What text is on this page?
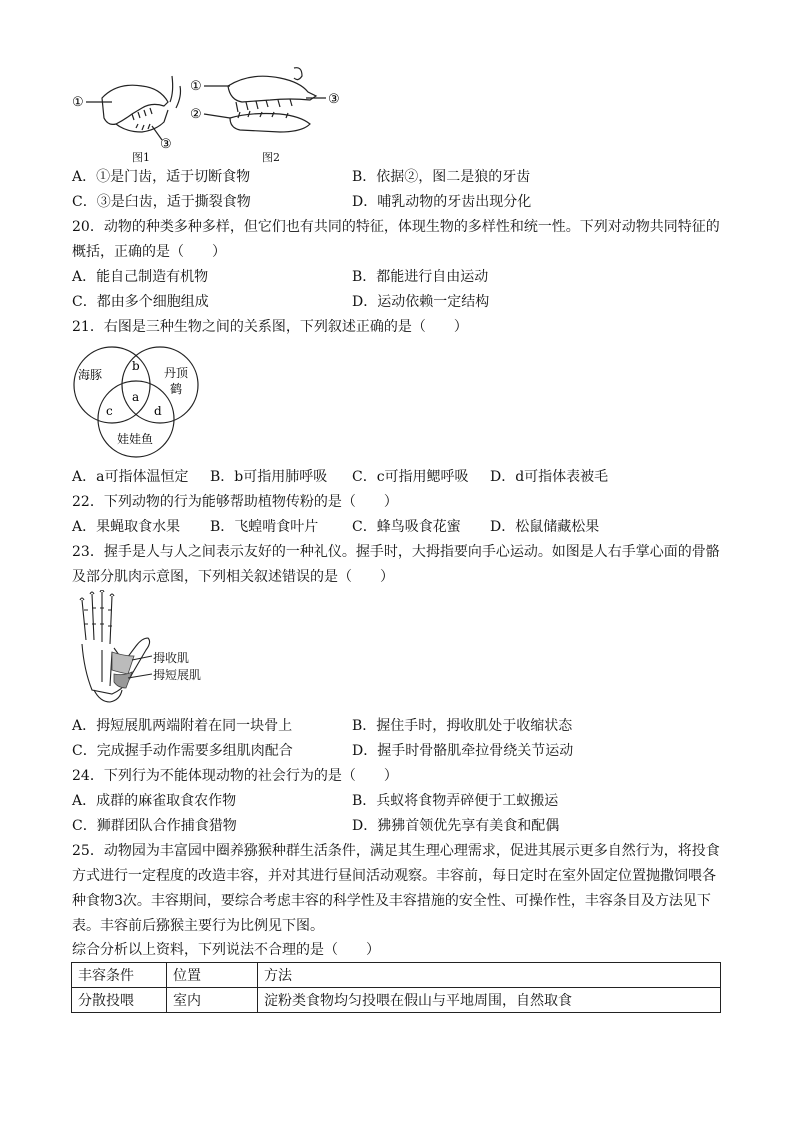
①
③
图1
①
②
③
图2
A．①是门齿，适于切断食物	B．依据②，图二是狼的牙齿
C．③是臼齿，适于撕裂食物	D．哺乳动物的牙齿出现分化
20．动物的种类多种多样，但它们也有共同的特征，体现生物的多样性和统一性。下列对动物共同特征的
概括，正确的是（　　）
A．能自己制造有机物	B．都能进行自由运动
C．都由多个细胞组成	D．运动依赖一定结构
21．右图是三种生物之间的关系图，下列叙述正确的是（　　）
海豚	丹顶
鹤
娃娃鱼
b
a
c	d
A．a可指体温恒定 B．b可指用肺呼吸 C．c可指用鳃呼吸 D．d可指体表被毛
22．下列动物的行为能够帮助植物传粉的是（　　）
A．果蝇取食水果 B．飞蝗啃食叶片 C．蜂鸟吸食花蜜 D．松鼠储藏松果
23．握手是人与人之间表示友好的一种礼仪。握手时，大拇指要向手心运动。如图是人右手掌心面的骨骼
及部分肌肉示意图，下列相关叙述错误的是（　　）
拇收肌
拇短展肌
A．拇短展肌两端附着在同一块骨上	B．握住手时，拇收肌处于收缩状态
C．完成握手动作需要多组肌肉配合	D．握手时骨骼肌牵拉骨绕关节运动
24．下列行为不能体现动物的社会行为的是（　　）
A．成群的麻雀取食农作物	B．兵蚁将食物弄碎便于工蚁搬运
C．狮群团队合作捕食猎物	D．狒狒首领优先享有美食和配偶
25．动物园为丰富园中圈养猕猴种群生活条件，满足其生理心理需求，促进其展示更多自然行为，将投食
方式进行一定程度的改造丰容，并对其进行昼间活动观察。丰容前，每日定时在室外固定位置抛撒饲喂各
种食物3次。丰容期间，要综合考虑丰容的科学性及丰容措施的安全性、可操作性，丰容条目及方法见下
表。丰容前后猕猴主要行为比例见下图。
综合分析以上资料，下列说法不合理的是（　　）
丰容条件	位置	方法
分散投喂	室内	淀粉类食物均匀投喂在假山与平地周围，自然取食
